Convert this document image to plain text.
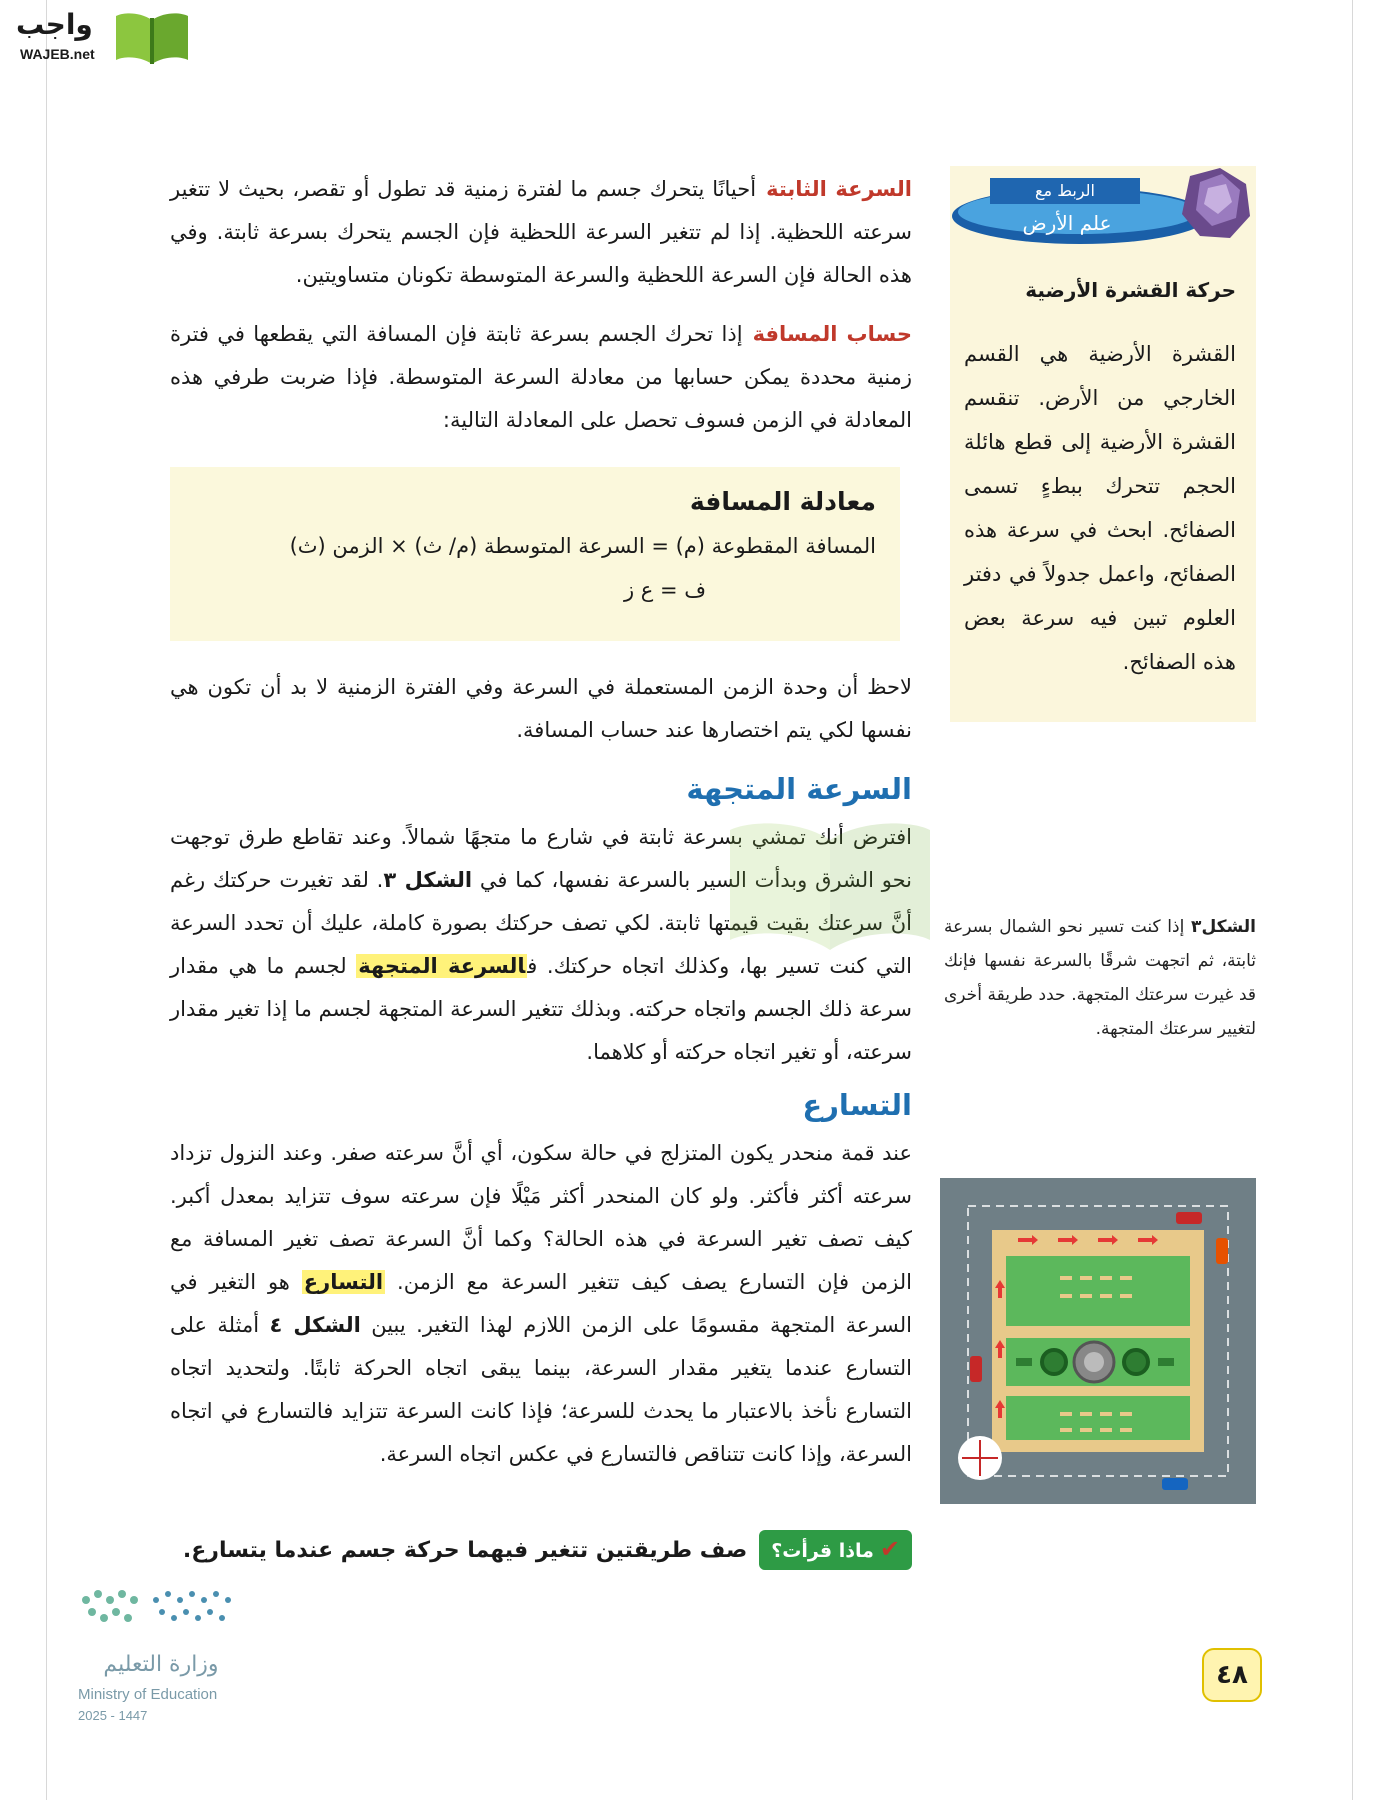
واجب
WAJEB.net

السرعة الثابتةأحيانًا يتحرك جسم ما لفترة زمنية قد تطول أو تقصر، بحيث لا تتغير سرعته اللحظية. إذا لم تتغير السرعة اللحظية فإن الجسم يتحرك بسرعة ثابتة. وفي هذه الحالة فإن السرعة اللحظية والسرعة المتوسطة تكونان متساويتين.

حساب المسافةإذا تحرك الجسم بسرعة ثابتة فإن المسافة التي يقطعها في فترة زمنية محددة يمكن حسابها من معادلة السرعة المتوسطة. فإذا ضربت طرفي هذه المعادلة في الزمن فسوف تحصل على المعادلة التالية:

معادلة المسافة
المسافة المقطوعة (م) = السرعة المتوسطة (م/ ث) × الزمن (ث)
ف = ع ز

لاحظ أن وحدة الزمن المستعملة في السرعة وفي الفترة الزمنية لا بد أن تكون هي نفسها لكي يتم اختصارها عند حساب المسافة.

السرعة المتجهة

افترض أنك تمشي بسرعة ثابتة في شارع ما متجهًا شمالاً. وعند تقاطع طرق توجهت نحو الشرق وبدأت السير بالسرعة نفسها، كما في الشكل ٣. لقد تغيرت حركتك رغم أنَّ سرعتك بقيت قيمتها ثابتة. لكي تصف حركتك بصورة كاملة، عليك أن تحدد السرعة التي كنت تسير بها، وكذلك اتجاه حركتك. فالسرعة المتجهة لجسم ما هي مقدار سرعة ذلك الجسم واتجاه حركته. وبذلك تتغير السرعة المتجهة لجسم ما إذا تغير مقدار سرعته، أو تغير اتجاه حركته أو كلاهما.

التسارع

عند قمة منحدر يكون المتزلج في حالة سكون، أي أنَّ سرعته صفر. وعند النزول تزداد سرعته أكثر فأكثر. ولو كان المنحدر أكثر مَيْلًا فإن سرعته سوف تتزايد بمعدل أكبر. كيف تصف تغير السرعة في هذه الحالة؟ وكما أنَّ السرعة تصف تغير المسافة مع الزمن فإن التسارع يصف كيف تتغير السرعة مع الزمن. التسارع هو التغير في السرعة المتجهة مقسومًا على الزمن اللازم لهذا التغير. يبين الشكل ٤ أمثلة على التسارع عندما يتغير مقدار السرعة، بينما يبقى اتجاه الحركة ثابتًا. ولتحديد اتجاه التسارع نأخذ بالاعتبار ما يحدث للسرعة؛ فإذا كانت السرعة تتزايد فالتسارع في اتجاه السرعة، وإذا كانت تتناقص فالتسارع في عكس اتجاه السرعة.

✔ماذا قرأت؟صف طريقتين تتغير فيهما حركة جسم عندما يتسارع.
الربط مع
علم الأرض
حركة القشرة الأرضية
القشرة الأرضية هي القسم الخارجي من الأرض. تنقسم القشرة الأرضية إلى قطع هائلة الحجم تتحرك ببطءٍ تسمى الصفائح. ابحث في سرعة هذه الصفائح، واعمل جدولاً في دفتر العلوم تبين فيه سرعة بعض هذه الصفائح.
الشكل٣ إذا كنت تسير نحو الشمال بسرعة ثابتة، ثم اتجهت شرقًا بالسرعة نفسها فإنك قد غيرت سرعتك المتجهة. حدد طريقة أخرى لتغيير سرعتك المتجهة.
وزارة التعليم
Ministry of Education
2025 - 1447
٤٨
